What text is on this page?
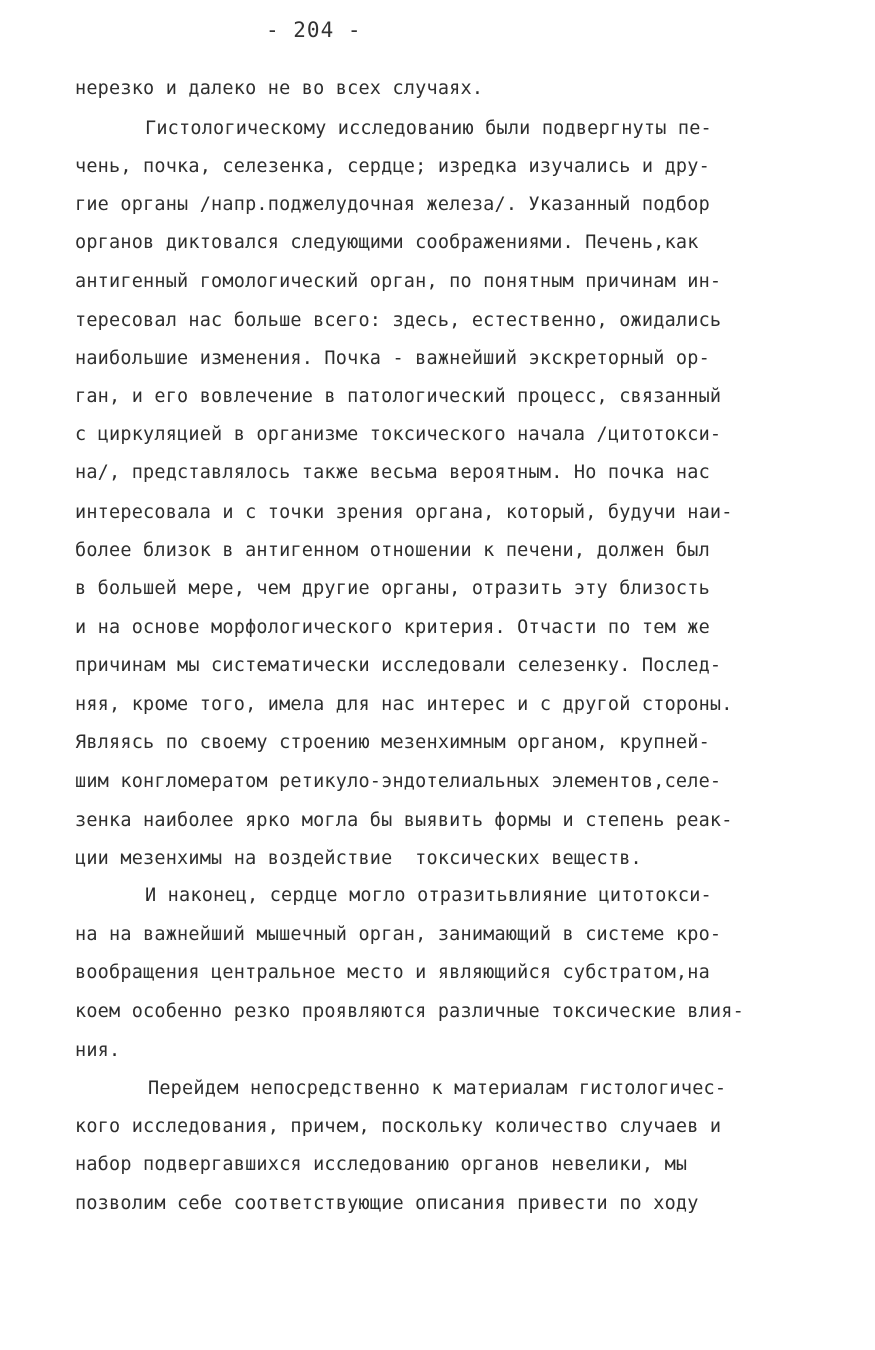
- 204 -
нерезко и далеко не во всех случаях.
Гистологическому исследованию были подвергнуты пе-
чень, почка, селезенка, сердце; изредка изучались и дру-
гие органы /напр.поджелудочная железа/. Указанный подбор
органов диктовался следующими соображениями. Печень,как
антигенный гомологический орган, по понятным причинам ин-
тересовал нас больше всего: здесь, естественно, ожидались
наибольшие изменения. Почка - важнейший экскреторный ор-
ган, и его вовлечение в патологический процесс, связанный
с циркуляцией в организме токсического начала /цитотокси-
на/, представлялось также весьма вероятным. Но почка нас
интересовала и с точки зрения органа, который, будучи наи-
более близок в антигенном отношении к печени, должен был
в большей мере, чем другие органы, отразить эту близость
и на основе морфологического критерия. Отчасти по тем же
причинам мы систематически исследовали селезенку. Послед-
няя, кроме того, имела для нас интерес и с другой стороны.
Являясь по своему строению мезенхимным органом, крупней-
шим конгломератом ретикуло-эндотелиальных элементов,селе-
зенка наиболее ярко могла бы выявить формы и степень реак-
ции мезенхимы на воздействие  токсических веществ.
И наконец, сердце могло отразитьвлияние цитотокси-
на на важнейший мышечный орган, занимающий в системе кро-
вообращения центральное место и являющийся субстратом,на
коем особенно резко проявляются различные токсические влия-
ния.
Перейдем непосредственно к материалам гистологичес-
кого исследования, причем, поскольку количество случаев и
набор подвергавшихся исследованию органов невелики, мы
позволим себе соответствующие описания привести по ходу
